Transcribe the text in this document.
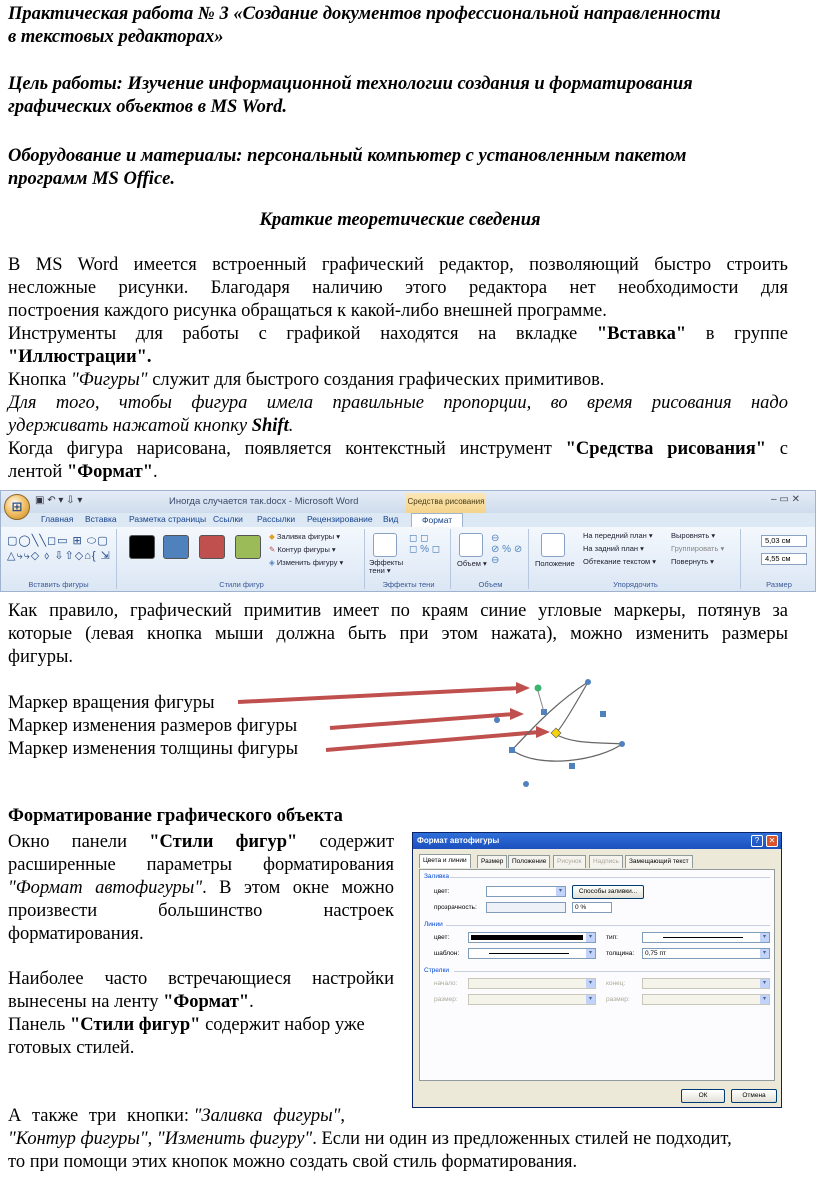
Практическая работа № 3 «Создание документов профессиональной направленности
в текстовых редакторах»
Цель работы: Изучение информационной технологии создания и форматирования
графических объектов в MS Word.
Оборудование и материалы: персональный компьютер с установленным пакетом
программ MS Office.
Краткие теоретические сведения
В MS Word имеется встроенный графический редактор, позволяющий быстро строить
несложные рисунки. Благодаря наличию этого редактора нет необходимости для
построения каждого рисунка обращаться к какой-либо внешней программе.
Инструменты для работы с графикой находятся на вкладке "Вставка" в группе
"Иллюстрации".
Кнопка "Фигуры" служит для быстрого создания графических примитивов.
Для того, чтобы фигура имела правильные пропорции, во время рисования надо
удерживать нажатой кнопку Shift.
Когда фигура нарисована, появляется контекстный инструмент "Средства рисования" с
лентой "Формат".
⊞	▣ ↶ ▾ ⇩ ▾	Иногда случается так.docx - Microsoft Word	Средства рисования	– ▭ ✕
Главная Вставка Разметка страницы Ссылки Рассылки Рецензирование Вид	Формат
▢◯╲╲◻▭ ⊞ ⬭▢△⤷⤷◇ ⬨ ⇩⇧◇⌂{ ⇲
Вставить фигуры
◆ Заливка фигуры ▾
✎ Контур фигуры ▾
◈ Изменить фигуру ▾
Стили фигур
Эффекты тени ▾
◻ ◻
◻ % ◻
Эффекты тени
Объем ▾
⊖
⊘ % ⊘
⊖
Объем
Положение
На передний план ▾
На задний план ▾
Обтекание текстом ▾
Выровнять ▾
Группировать ▾
Повернуть ▾
Упорядочить
5,03 см
4,55 см
Размер
Как правило, графический примитив имеет по краям синие угловые маркеры, потянув за
которые (левая кнопка мыши должна быть при этом нажата), можно изменить размеры
фигуры.
Маркер вращения фигуры
Маркер изменения размеров фигуры
Маркер изменения толщины фигуры
Форматирование графического объекта
Окно панели "Стили фигур" содержит
расширенные параметры форматирования
"Формат автофигуры". В этом окне можно
произвести большинство настроек
форматирования.
Наиболее часто встречающиеся настройки
вынесены на ленту "Формат".
Панель "Стили фигур" содержит набор уже
готовых стилей.
А также три кнопки: "Заливка фигуры",
"Контур фигуры", "Изменить фигуру". Если ни один из предложенных стилей не подходит,
то при помощи этих кнопок можно создать свой стиль форматирования.
Формат автофигуры	?	✕
Цвета и линии	Размер	Положение	Рисунок	Надпись	Замещающий текст
Заливка
цвет:	▾	Способы заливки...
прозрачность:	0 %
Линии
цвет:	▾	тип:	▾
шаблон:	▾	толщина:	0,75 пт	▾
Стрелки
начало:	▾	конец:	▾
размер:	▾	размер:	▾
ОК	Отмена
